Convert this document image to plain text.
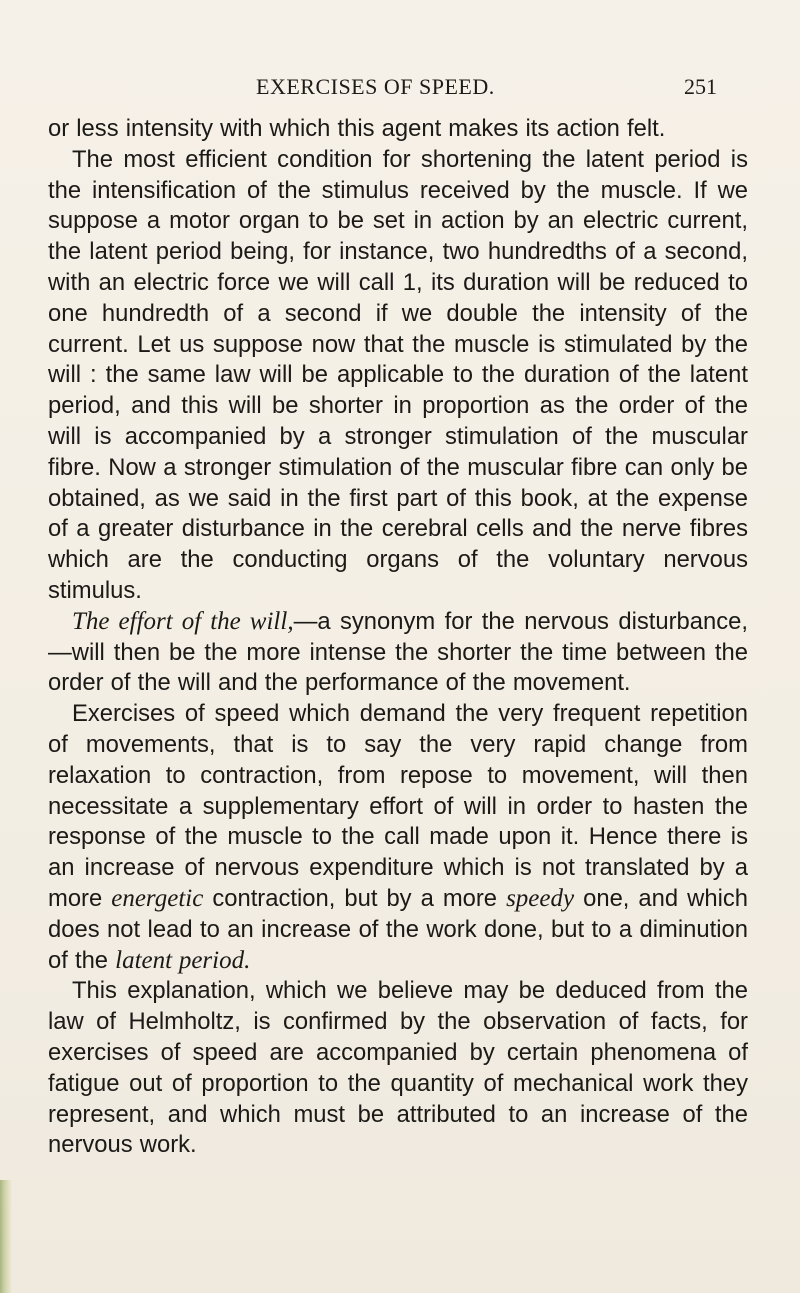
EXERCISES OF SPEED.	251

or less intensity with which this agent makes its action felt.

The most efficient condition for shortening the latent period is the intensification of the stimulus received by the muscle. If we suppose a motor organ to be set in action by an electric current, the latent period being, for instance, two hundredths of a second, with an electric force we will call 1, its duration will be reduced to one hundredth of a second if we double the intensity of the current. Let us suppose now that the muscle is stimulated by the will : the same law will be applicable to the duration of the latent period, and this will be shorter in proportion as the order of the will is accompanied by a stronger stimulation of the muscular fibre. Now a stronger stimulation of the muscular fibre can only be obtained, as we said in the first part of this book, at the expense of a greater disturbance in the cerebral cells and the nerve fibres which are the conducting organs of the voluntary nervous stimulus.

The effort of the will,—a synonym for the nervous disturbance,—will then be the more intense the shorter the time between the order of the will and the performance of the movement.

Exercises of speed which demand the very frequent repetition of movements, that is to say the very rapid change from relaxation to contraction, from repose to movement, will then necessitate a supplementary effort of will in order to hasten the response of the muscle to the call made upon it. Hence there is an increase of nervous expenditure which is not translated by a more energetic contraction, but by a more speedy one, and which does not lead to an increase of the work done, but to a diminution of the latent period.

This explanation, which we believe may be deduced from the law of Helmholtz, is confirmed by the observation of facts, for exercises of speed are accompanied by certain phenomena of fatigue out of proportion to the quantity of mechanical work they represent, and which must be attributed to an increase of the nervous work.
